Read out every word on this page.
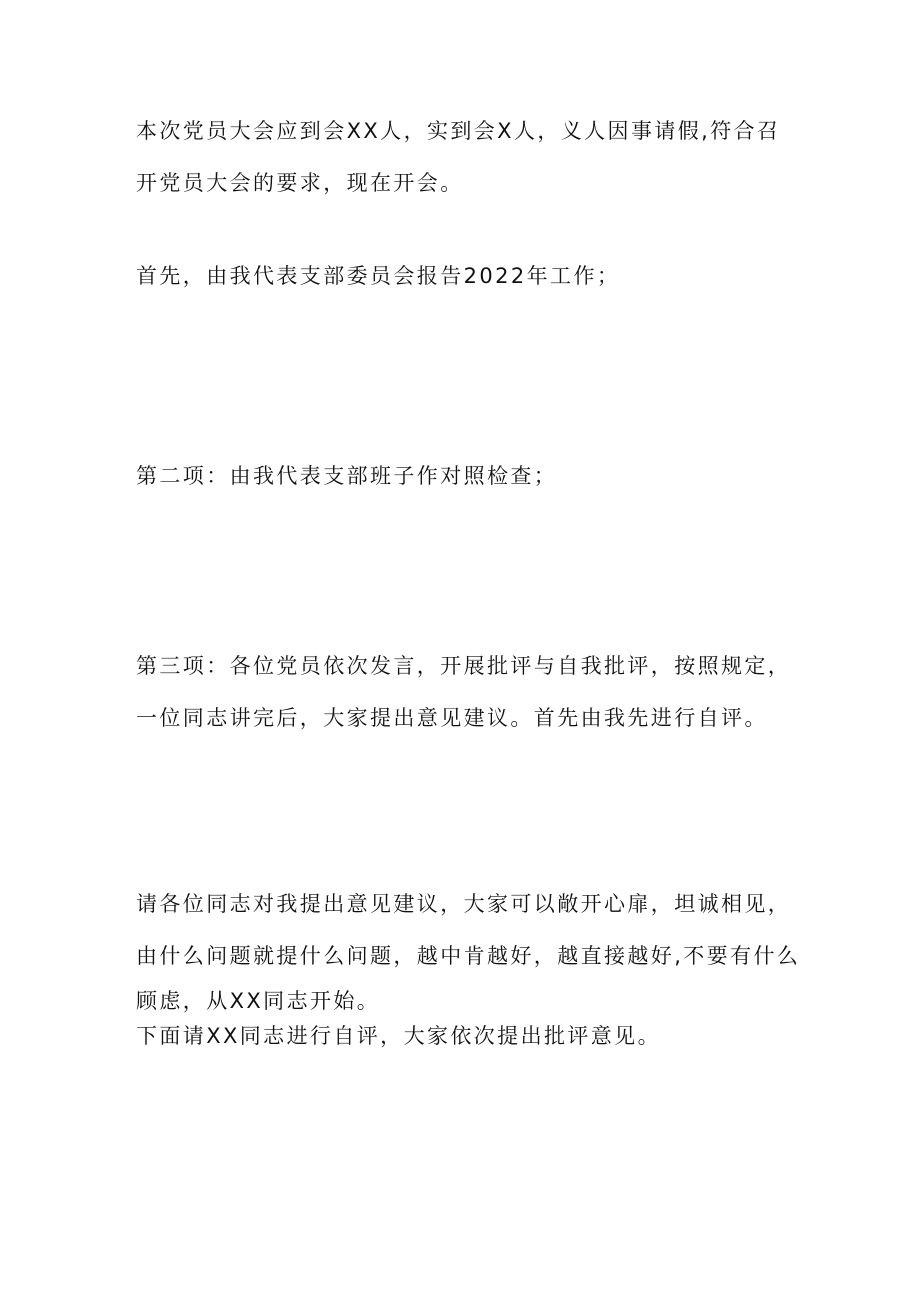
本次党员大会应到会XX人，实到会X人，义人因事请假,符合召
开党员大会的要求，现在开会。
首先，由我代表支部委员会报告2022年工作；
第二项：由我代表支部班子作对照检查；
第三项：各位党员依次发言，开展批评与自我批评，按照规定，
一位同志讲完后，大家提出意见建议。首先由我先进行自评。
请各位同志对我提出意见建议，大家可以敞开心扉，坦诚相见，
由什么问题就提什么问题，越中肯越好，越直接越好,不要有什么
顾虑，从XX同志开始。
下面请XX同志进行自评，大家依次提出批评意见。
